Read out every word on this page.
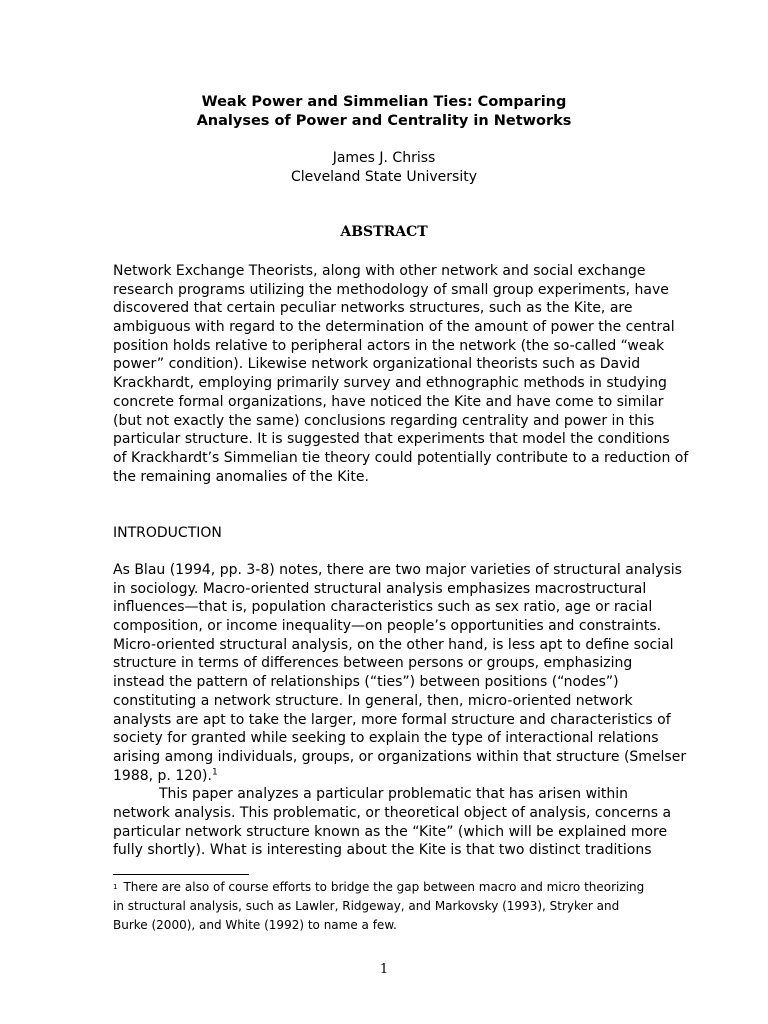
Weak Power and Simmelian Ties: Comparing
Analyses of Power and Centrality in Networks
James J. Chriss
Cleveland State University
ABSTRACT
Network Exchange Theorists, along with other network and social exchange
research programs utilizing the methodology of small group experiments, have
discovered that certain peculiar networks structures, such as the Kite, are
ambiguous with regard to the determination of the amount of power the central
position holds relative to peripheral actors in the network (the so-called “weak
power” condition). Likewise network organizational theorists such as David
Krackhardt, employing primarily survey and ethnographic methods in studying
concrete formal organizations, have noticed the Kite and have come to similar
(but not exactly the same) conclusions regarding centrality and power in this
particular structure. It is suggested that experiments that model the conditions
of Krackhardt’s Simmelian tie theory could potentially contribute to a reduction of
the remaining anomalies of the Kite.
INTRODUCTION
As Blau (1994, pp. 3-8) notes, there are two major varieties of structural analysis
in sociology. Macro-oriented structural analysis emphasizes macrostructural
influences—that is, population characteristics such as sex ratio, age or racial
composition, or income inequality—on people’s opportunities and constraints.
Micro-oriented structural analysis, on the other hand, is less apt to define social
structure in terms of differences between persons or groups, emphasizing
instead the pattern of relationships (“ties”) between positions (“nodes”)
constituting a network structure. In general, then, micro-oriented network
analysts are apt to take the larger, more formal structure and characteristics of
society for granted while seeking to explain the type of interactional relations
arising among individuals, groups, or organizations within that structure (Smelser
1988, p. 120).$^1$
This paper analyzes a particular problematic that has arisen within
network analysis. This problematic, or theoretical object of analysis, concerns a
particular network structure known as the “Kite” (which will be explained more
fully shortly). What is interesting about the Kite is that two distinct traditions
$^1$ There are also of course efforts to bridge the gap between macro and micro theorizing
in structural analysis, such as Lawler, Ridgeway, and Markovsky (1993), Stryker and
Burke (2000), and White (1992) to name a few.
1
